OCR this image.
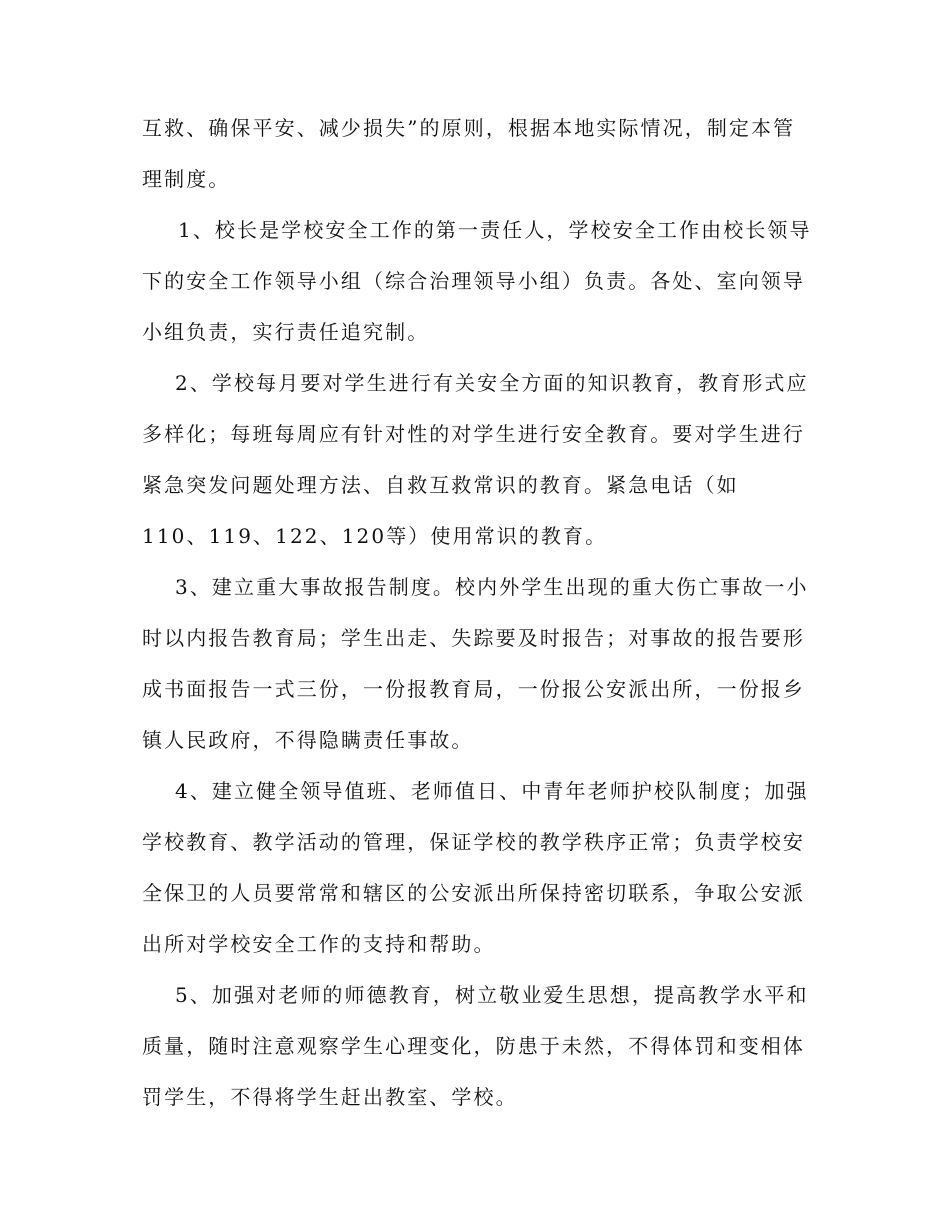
互救、确保平安、减少损失”的原则，根据本地实际情况，制定本管

理制度。

1、校长是学校安全工作的第一责任人，学校安全工作由校长领导

下的安全工作领导小组（综合治理领导小组）负责。各处、室向领导

小组负责，实行责任追究制。

2、学校每月要对学生进行有关安全方面的知识教育，教育形式应

多样化；每班每周应有针对性的对学生进行安全教育。要对学生进行

紧急突发问题处理方法、自救互救常识的教育。紧急电话（如

110、119、122、120等）使用常识的教育。

3、建立重大事故报告制度。校内外学生出现的重大伤亡事故一小

时以内报告教育局；学生出走、失踪要及时报告；对事故的报告要形

成书面报告一式三份，一份报教育局，一份报公安派出所，一份报乡

镇人民政府，不得隐瞒责任事故。

4、建立健全领导值班、老师值日、中青年老师护校队制度；加强

学校教育、教学活动的管理，保证学校的教学秩序正常；负责学校安

全保卫的人员要常常和辖区的公安派出所保持密切联系，争取公安派

出所对学校安全工作的支持和帮助。

5、加强对老师的师德教育，树立敬业爱生思想，提高教学水平和

质量，随时注意观察学生心理变化，防患于未然，不得体罚和变相体

罚学生，不得将学生赶出教室、学校。
